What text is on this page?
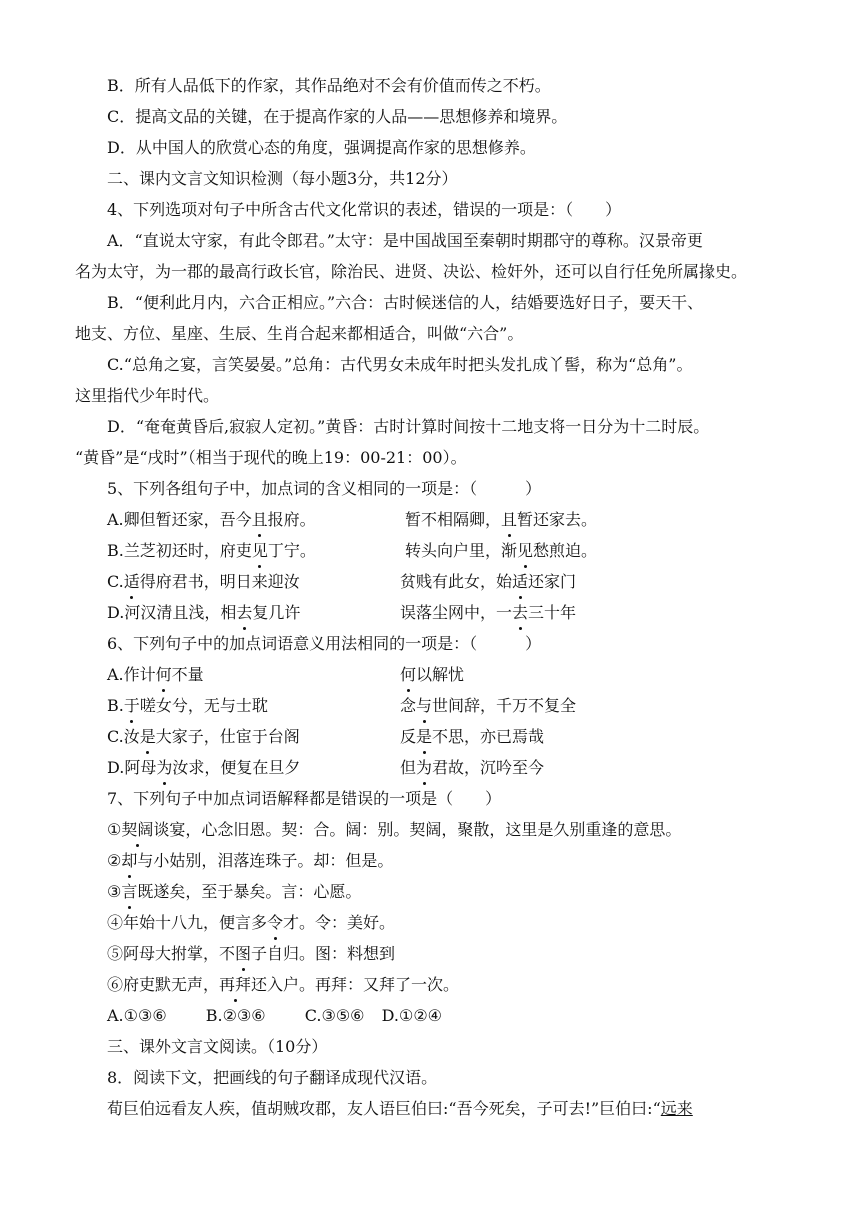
B．所有人品低下的作家，其作品绝对不会有价值而传之不朽。
C．提高文品的关键，在于提高作家的人品——思想修养和境界。
D．从中国人的欣赏心态的角度，强调提高作家的思想修养。
二、课内文言文知识检测（每小题3分，共12分）
4、下列选项对句子中所含古代文化常识的表述，错误的一项是：（　　）
A．“直说太守家，有此令郎君。”太守：是中国战国至秦朝时期郡守的尊称。汉景帝更
名为太守，为一郡的最高行政长官，除治民、进贤、决讼、检奸外，还可以自行任免所属掾史。
B．“便利此月内，六合正相应。”六合：古时候迷信的人，结婚要选好日子，要天干、
地支、方位、星座、生辰、生肖合起来都相适合，叫做“六合”。
C.“总角之宴，言笑晏晏。”总角：古代男女未成年时把头发扎成丫髻，称为“总角”。
这里指代少年时代。
D．“奄奄黄昏后,寂寂人定初。”黄昏：古时计算时间按十二地支将一日分为十二时辰。
“黄昏”是“戌时”（相当于现代的晚上19：00-21：00）。
5、下列各组句子中，加点词的含义相同的一项是：（　　　）
A.卿但暂还家，吾今且报府。	暂不相隔卿，且暂还家去。
B.兰芝初还时，府吏见丁宁。	转头向户里，渐见愁煎迫。
C.适得府君书，明日来迎汝	贫贱有此女，始适还家门
D.河汉清且浅，相去复几许	误落尘网中，一去三十年
6、下列句子中的加点词语意义用法相同的一项是：（　　　）
A.作计何不量	何以解忧
B.于嗟女兮，无与士耽	念与世间辞，千万不复全
C.汝是大家子，仕宦于台阁	反是不思，亦已焉哉
D.阿母为汝求，便复在旦夕	但为君故，沉吟至今
7、下列句子中加点词语解释都是错误的一项是（　　）
①契阔谈宴，心念旧恩。契：合。阔：别。契阔，聚散，这里是久别重逢的意思。
②却与小姑别，泪落连珠子。却：但是。
③言既遂矣，至于暴矣。言：心愿。
④年始十八九，便言多令才。令：美好。
⑤阿母大拊掌，不图子自归。图：料想到
⑥府吏默无声，再拜还入户。再拜：又拜了一次。
A.①③⑥ B.②③⑥ C.③⑤⑥ D.①②④
三、课外文言文阅读。（10分）
8．阅读下文，把画线的句子翻译成现代汉语。
荀巨伯远看友人疾，值胡贼攻郡，友人语巨伯曰:“吾今死矣，子可去!”巨伯曰:“远来
